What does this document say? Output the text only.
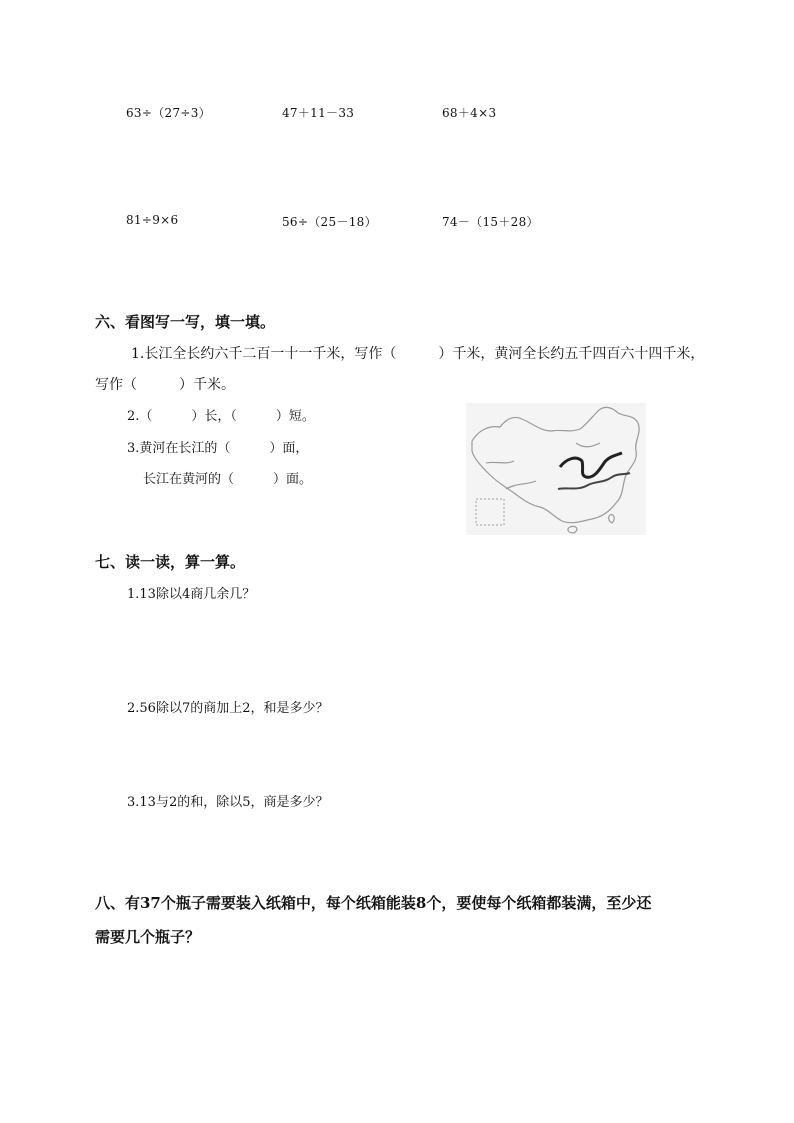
63÷（27÷3）	47＋11－33	68＋4×3
81÷9×6	56÷（25－18）	74－（15＋28）
六、看图写一写，填一填。
1.长江全长约六千二百一十一千米，写作（　　　）千米，黄河全长约五千四百六十四千米，
写作（　　　）千米。
2.（　　　）长，（　　　）短。
3.黄河在长江的（　　　）面，
长江在黄河的（　　　）面。
七、读一读，算一算。
1.13除以4商几余几？
2.56除以7的商加上2，和是多少？
3.13与2的和，除以5，商是多少？
八、有37个瓶子需要装入纸箱中，每个纸箱能装8个，要使每个纸箱都装满，至少还
需要几个瓶子？
